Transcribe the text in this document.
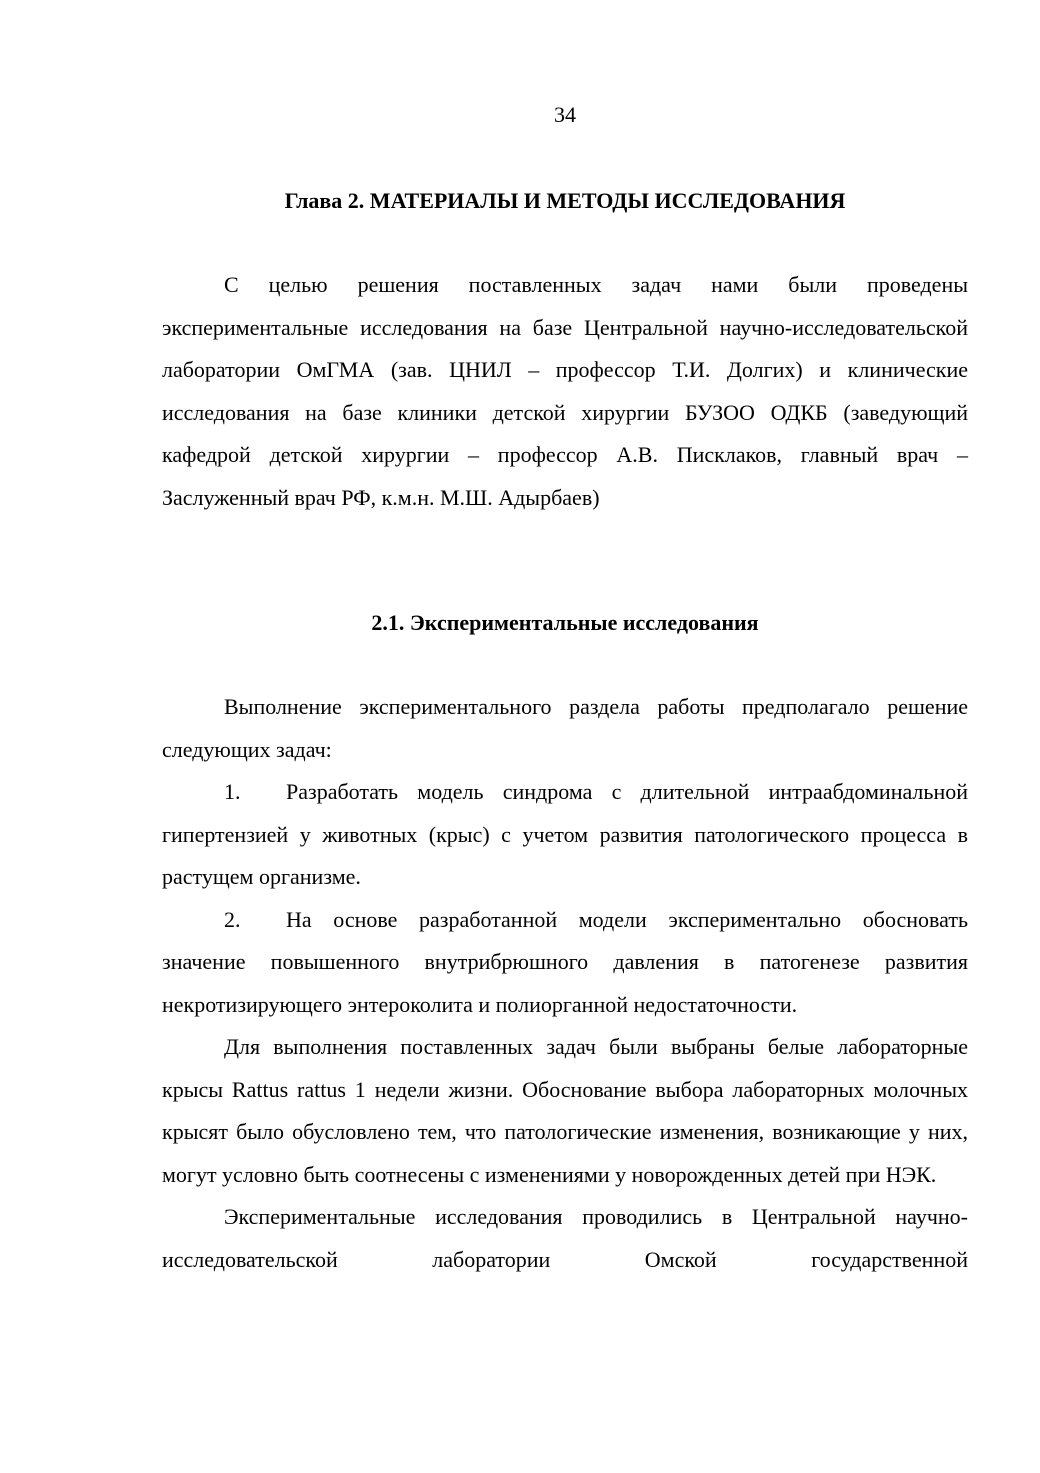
34
Глава 2. МАТЕРИАЛЫ И МЕТОДЫ ИССЛЕДОВАНИЯ

С целью решения поставленных задач нами были проведены экспериментальные исследования на базе Центральной научно-исследовательской лаборатории ОмГМА (зав. ЦНИЛ – профессор Т.И. Долгих) и клинические исследования на базе клиники детской хирургии БУЗОО ОДКБ (заведующий кафедрой детской хирургии – профессор А.В. Писклаков, главный врач – Заслуженный врач РФ, к.м.н. М.Ш. Адырбаев)

2.1. Экспериментальные исследования

Выполнение экспериментального раздела работы предполагало решение следующих задач:

1. Разработать модель синдрома с длительной интраабдоминальной гипертензией у животных (крыс) с учетом развития патологического процесса в растущем организме.

2. На основе разработанной модели экспериментально обосновать значение повышенного внутрибрюшного давления в патогенезе развития некротизирующего энтероколита и полиорганной недостаточности.

Для выполнения поставленных задач были выбраны белые лабораторные крысы Rattus rattus 1 недели жизни. Обоснование выбора лабораторных молочных крысят было обусловлено тем, что патологические изменения, возникающие у них, могут условно быть соотнесены с изменениями у новорожденных детей при НЭК.

Экспериментальные исследования проводились в Центральной научно-исследовательской лаборатории Омской государственной
